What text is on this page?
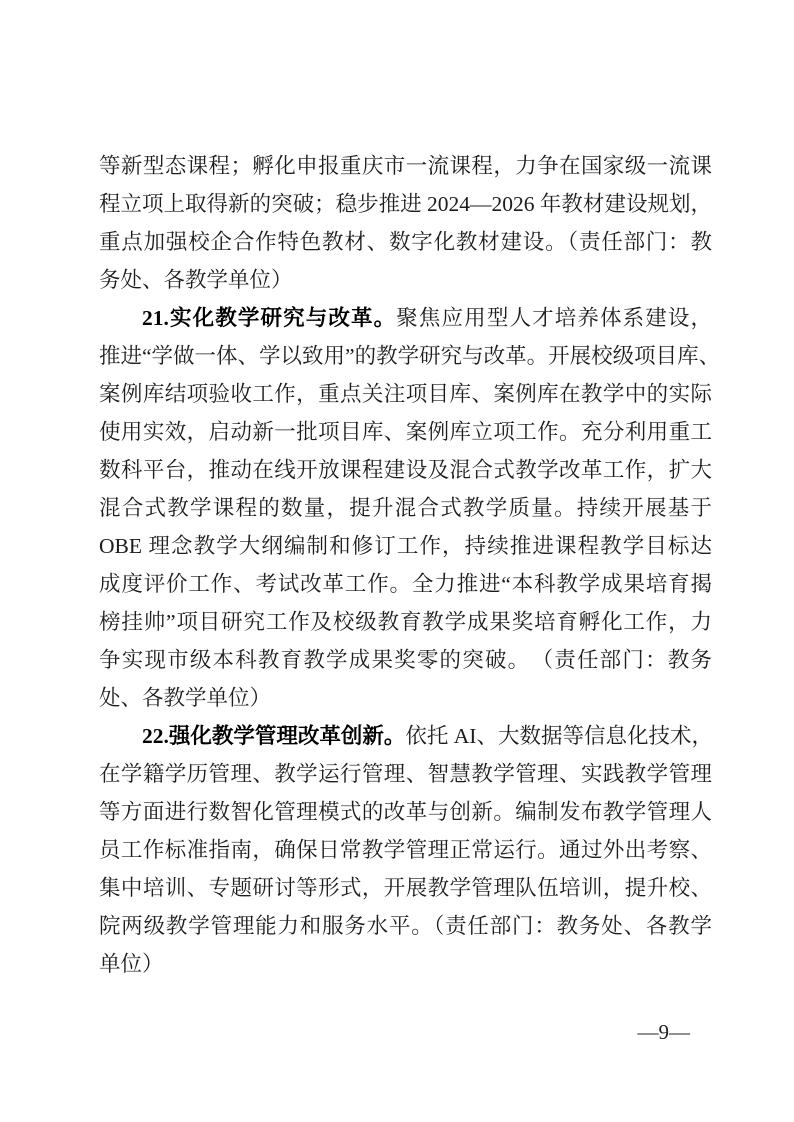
等新型态课程；孵化申报重庆市一流课程，力争在国家级一流课
程立项上取得新的突破；稳步推进 2024—2026 年教材建设规划，
重点加强校企合作特色教材、数字化教材建设。（责任部门：教
务处、各教学单位）
21.实化教学研究与改革。聚焦应用型人才培养体系建设，
推进“学做一体、学以致用”的教学研究与改革。开展校级项目库、
案例库结项验收工作，重点关注项目库、案例库在教学中的实际
使用实效，启动新一批项目库、案例库立项工作。充分利用重工
数科平台，推动在线开放课程建设及混合式教学改革工作，扩大
混合式教学课程的数量，提升混合式教学质量。持续开展基于
OBE 理念教学大纲编制和修订工作，持续推进课程教学目标达
成度评价工作、考试改革工作。全力推进“本科教学成果培育揭
榜挂帅”项目研究工作及校级教育教学成果奖培育孵化工作，力
争实现市级本科教育教学成果奖零的突破。　（责任部门：教务
处、各教学单位）
22.强化教学管理改革创新。依托 AI、大数据等信息化技术，
在学籍学历管理、教学运行管理、智慧教学管理、实践教学管理
等方面进行数智化管理模式的改革与创新。编制发布教学管理人
员工作标准指南，确保日常教学管理正常运行。通过外出考察、
集中培训、专题研讨等形式，开展教学管理队伍培训，提升校、
院两级教学管理能力和服务水平。（责任部门：教务处、各教学
单位）
—9—
